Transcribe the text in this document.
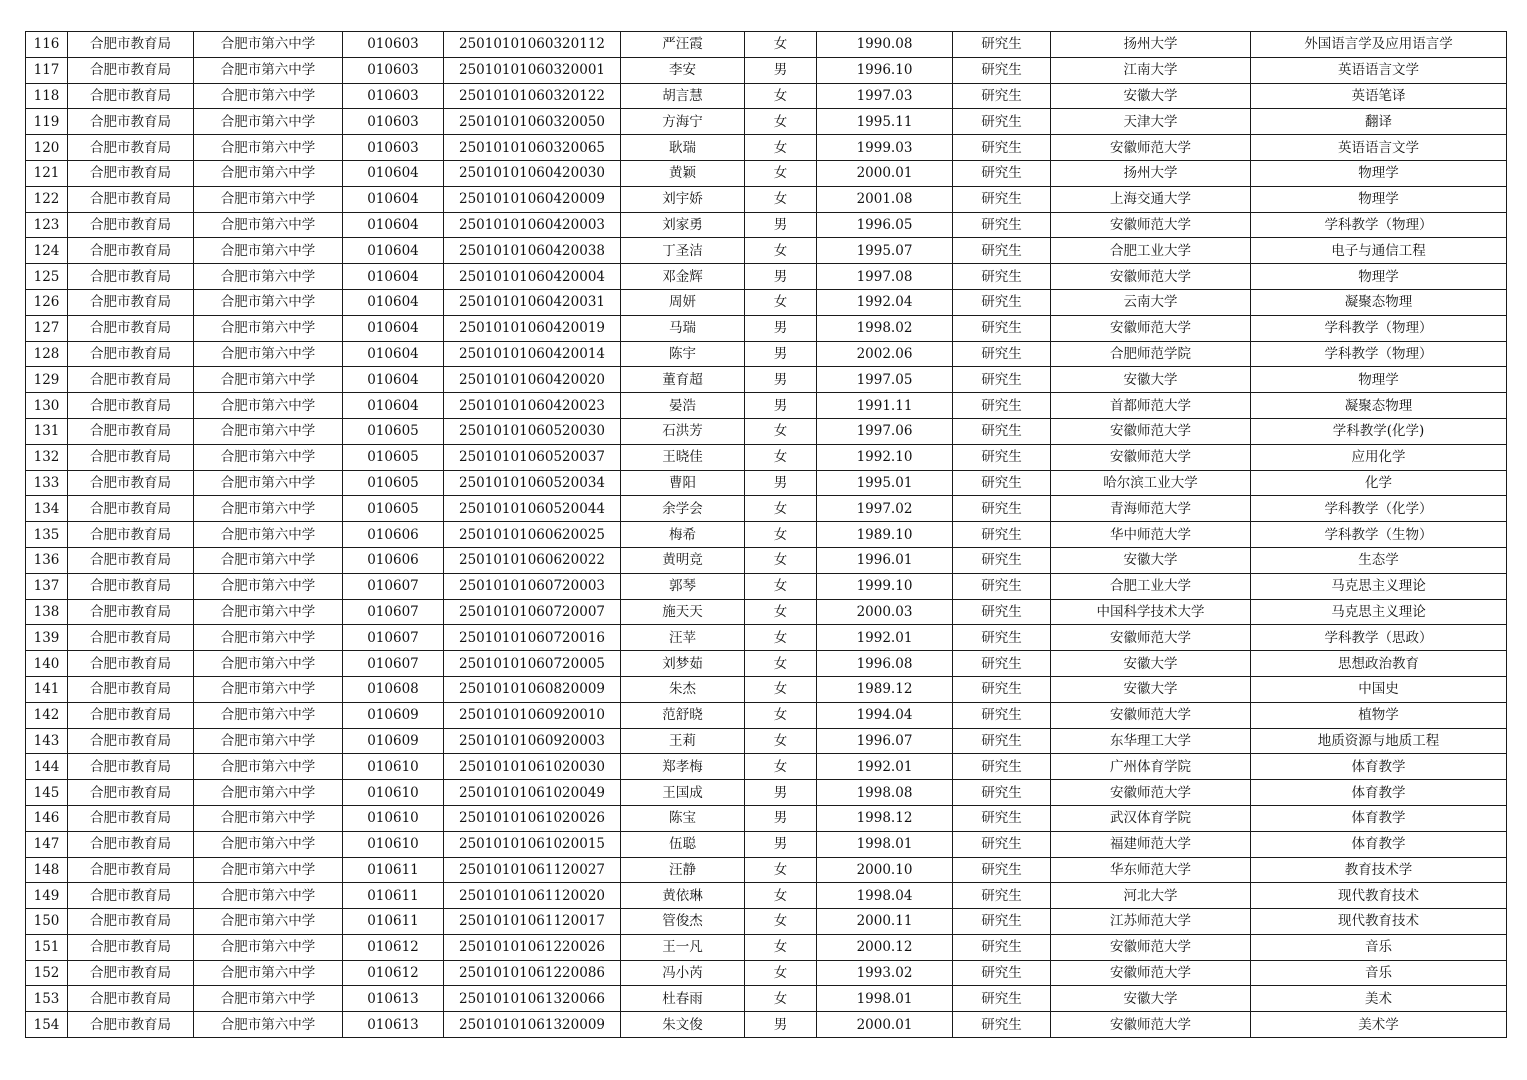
116	合肥市教育局	合肥市第六中学	010603	25010101060320112	严汪霞	女	1990.08	研究生	扬州大学	外国语言学及应用语言学
117	合肥市教育局	合肥市第六中学	010603	25010101060320001	李安	男	1996.10	研究生	江南大学	英语语言文学
118	合肥市教育局	合肥市第六中学	010603	25010101060320122	胡言慧	女	1997.03	研究生	安徽大学	英语笔译
119	合肥市教育局	合肥市第六中学	010603	25010101060320050	方海宁	女	1995.11	研究生	天津大学	翻译
120	合肥市教育局	合肥市第六中学	010603	25010101060320065	耿瑞	女	1999.03	研究生	安徽师范大学	英语语言文学
121	合肥市教育局	合肥市第六中学	010604	25010101060420030	黄颖	女	2000.01	研究生	扬州大学	物理学
122	合肥市教育局	合肥市第六中学	010604	25010101060420009	刘宇娇	女	2001.08	研究生	上海交通大学	物理学
123	合肥市教育局	合肥市第六中学	010604	25010101060420003	刘家勇	男	1996.05	研究生	安徽师范大学	学科教学（物理）
124	合肥市教育局	合肥市第六中学	010604	25010101060420038	丁圣洁	女	1995.07	研究生	合肥工业大学	电子与通信工程
125	合肥市教育局	合肥市第六中学	010604	25010101060420004	邓金辉	男	1997.08	研究生	安徽师范大学	物理学
126	合肥市教育局	合肥市第六中学	010604	25010101060420031	周妍	女	1992.04	研究生	云南大学	凝聚态物理
127	合肥市教育局	合肥市第六中学	010604	25010101060420019	马瑞	男	1998.02	研究生	安徽师范大学	学科教学（物理）
128	合肥市教育局	合肥市第六中学	010604	25010101060420014	陈宇	男	2002.06	研究生	合肥师范学院	学科教学（物理）
129	合肥市教育局	合肥市第六中学	010604	25010101060420020	董育超	男	1997.05	研究生	安徽大学	物理学
130	合肥市教育局	合肥市第六中学	010604	25010101060420023	晏浩	男	1991.11	研究生	首都师范大学	凝聚态物理
131	合肥市教育局	合肥市第六中学	010605	25010101060520030	石洪芳	女	1997.06	研究生	安徽师范大学	学科教学(化学)
132	合肥市教育局	合肥市第六中学	010605	25010101060520037	王晓佳	女	1992.10	研究生	安徽师范大学	应用化学
133	合肥市教育局	合肥市第六中学	010605	25010101060520034	曹阳	男	1995.01	研究生	哈尔滨工业大学	化学
134	合肥市教育局	合肥市第六中学	010605	25010101060520044	余学会	女	1997.02	研究生	青海师范大学	学科教学（化学）
135	合肥市教育局	合肥市第六中学	010606	25010101060620025	梅希	女	1989.10	研究生	华中师范大学	学科教学（生物）
136	合肥市教育局	合肥市第六中学	010606	25010101060620022	黄明竞	女	1996.01	研究生	安徽大学	生态学
137	合肥市教育局	合肥市第六中学	010607	25010101060720003	郭琴	女	1999.10	研究生	合肥工业大学	马克思主义理论
138	合肥市教育局	合肥市第六中学	010607	25010101060720007	施天天	女	2000.03	研究生	中国科学技术大学	马克思主义理论
139	合肥市教育局	合肥市第六中学	010607	25010101060720016	汪苹	女	1992.01	研究生	安徽师范大学	学科教学（思政）
140	合肥市教育局	合肥市第六中学	010607	25010101060720005	刘梦茹	女	1996.08	研究生	安徽大学	思想政治教育
141	合肥市教育局	合肥市第六中学	010608	25010101060820009	朱杰	女	1989.12	研究生	安徽大学	中国史
142	合肥市教育局	合肥市第六中学	010609	25010101060920010	范舒晓	女	1994.04	研究生	安徽师范大学	植物学
143	合肥市教育局	合肥市第六中学	010609	25010101060920003	王莉	女	1996.07	研究生	东华理工大学	地质资源与地质工程
144	合肥市教育局	合肥市第六中学	010610	25010101061020030	郑孝梅	女	1992.01	研究生	广州体育学院	体育教学
145	合肥市教育局	合肥市第六中学	010610	25010101061020049	王国成	男	1998.08	研究生	安徽师范大学	体育教学
146	合肥市教育局	合肥市第六中学	010610	25010101061020026	陈宝	男	1998.12	研究生	武汉体育学院	体育教学
147	合肥市教育局	合肥市第六中学	010610	25010101061020015	伍聪	男	1998.01	研究生	福建师范大学	体育教学
148	合肥市教育局	合肥市第六中学	010611	25010101061120027	汪静	女	2000.10	研究生	华东师范大学	教育技术学
149	合肥市教育局	合肥市第六中学	010611	25010101061120020	黄依琳	女	1998.04	研究生	河北大学	现代教育技术
150	合肥市教育局	合肥市第六中学	010611	25010101061120017	管俊杰	女	2000.11	研究生	江苏师范大学	现代教育技术
151	合肥市教育局	合肥市第六中学	010612	25010101061220026	王一凡	女	2000.12	研究生	安徽师范大学	音乐
152	合肥市教育局	合肥市第六中学	010612	25010101061220086	冯小芮	女	1993.02	研究生	安徽师范大学	音乐
153	合肥市教育局	合肥市第六中学	010613	25010101061320066	杜春雨	女	1998.01	研究生	安徽大学	美术
154	合肥市教育局	合肥市第六中学	010613	25010101061320009	朱文俊	男	2000.01	研究生	安徽师范大学	美术学
